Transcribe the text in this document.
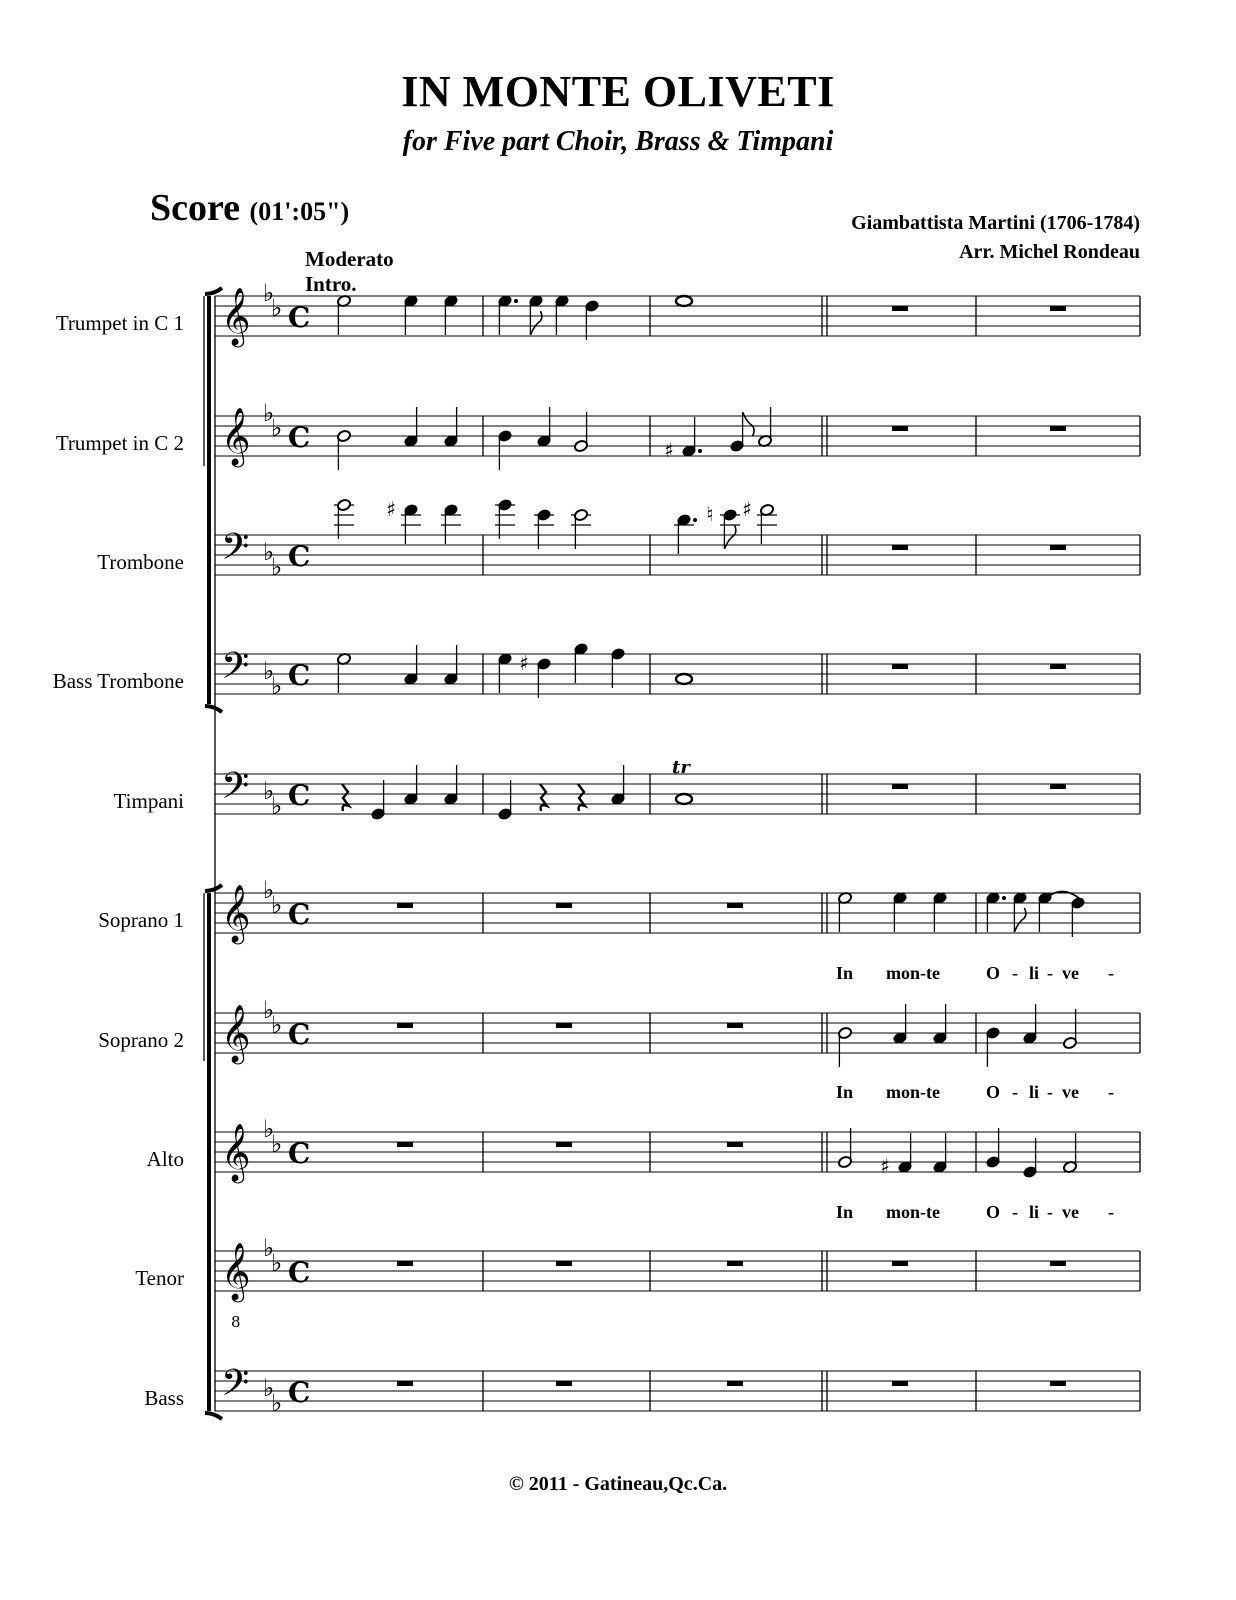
IN MONTE OLIVETI
for Five part Choir, Brass & Timpani
Score (01':05")	Giambattista Martini (1706-1784)
Arr. Michel Rondeau
Moderato
Intro.
Trumpet in C 1
Trumpet in C 2
Trombone
Bass Trombone
Timpani
Soprano 1
Soprano 2
Alto
Tenor
Bass
In mon-te	O - li - ve -
In mon-te	O - li - ve -
In mon-te	O - li - ve -
© 2011 - Gatineau,Qc.Ca.
𝄞 ♭
♭ C
𝄞 ♭
♭ C
𝄢 ♭
♭ C
𝄢 ♭
♭ C
𝄢 ♭
♭ C
𝄞 ♭
♭ C
𝄞 ♭
♭ C
𝄞 ♭
♭ C
𝄞 ♭
♭ C
𝄢 ♭
♭ C
8
♯
♯	♮ ♯
♯
tr
♯
